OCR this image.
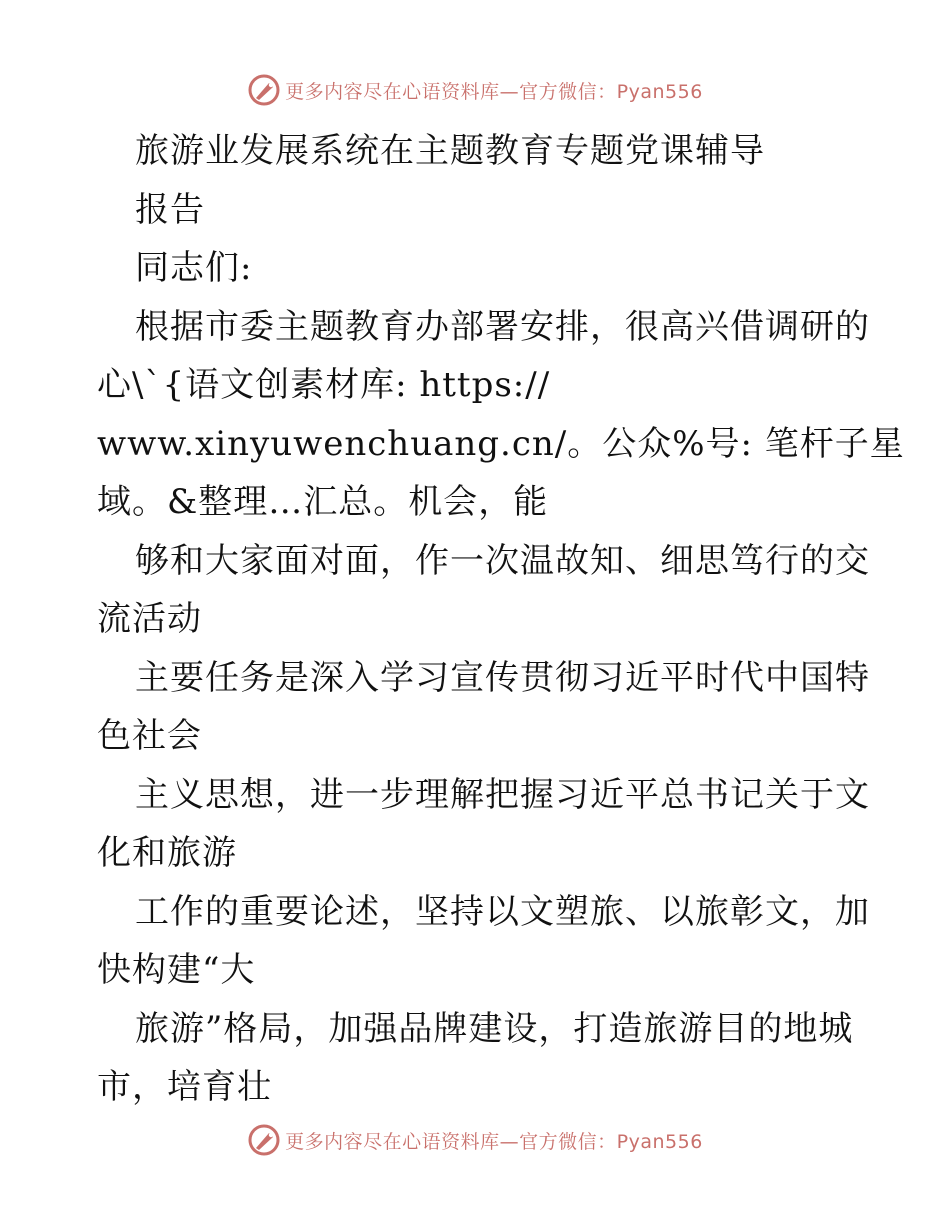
更多内容尽在心语资料库—官方微信：Pyan556
旅游业发展系统在主题教育专题党课辅导
报告
同志们:
根据市委主题教育办部署安排，很高兴借调研的
心\`{语文创素材库: https://
www.xinyuwenchuang.cn/。公众%号: 笔杆子星
域。&整理…汇总。机会，能
够和大家面对面，作一次温故知、细思笃行的交
流活动
主要任务是深入学习宣传贯彻习近平时代中国特
色社会
主义思想，进一步理解把握习近平总书记关于文
化和旅游
工作的重要论述，坚持以文塑旅、以旅彰文，加
快构建“大
旅游”格局，加强品牌建设，打造旅游目的地城
市，培育壮
更多内容尽在心语资料库—官方微信：Pyan556
